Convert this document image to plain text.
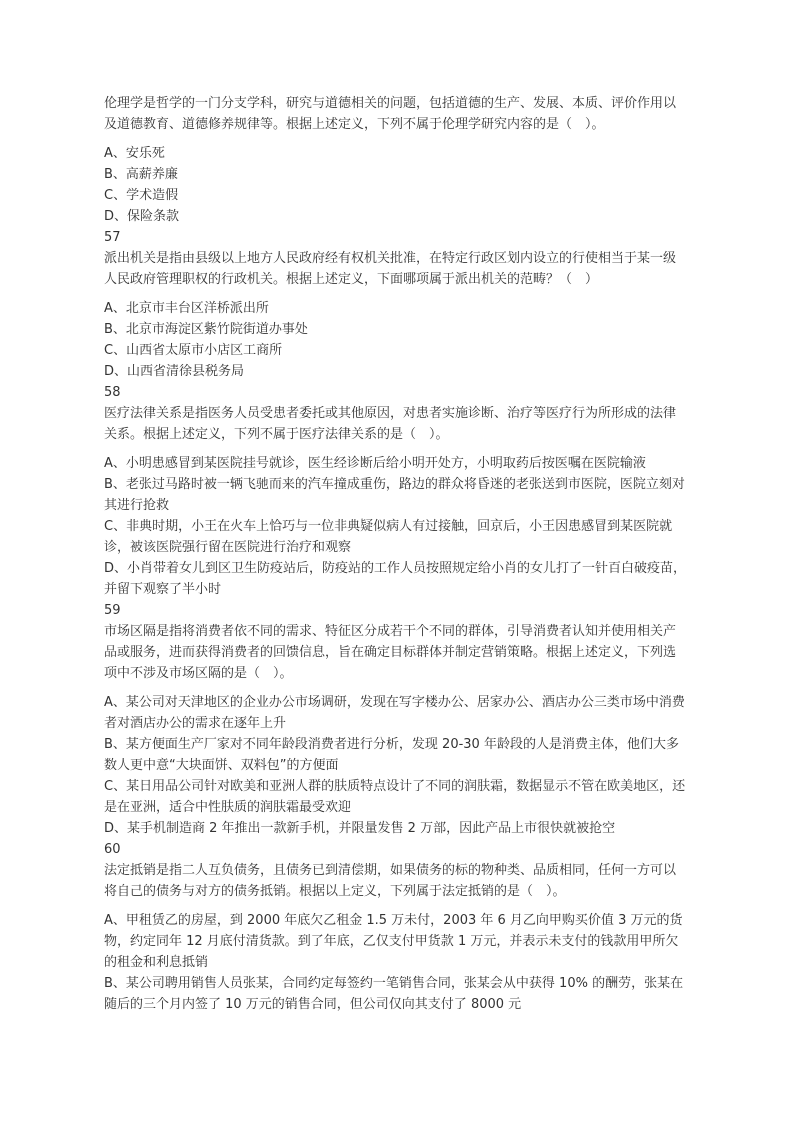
伦理学是哲学的一门分支学科，研究与道德相关的问题，包括道德的生产、发展、本质、评价作用以及道德教育、道德修养规律等。根据上述定义，下列不属于伦理学研究内容的是（　）。

A、安乐死

B、高薪养廉

C、学术造假

D、保险条款

57

派出机关是指由县级以上地方人民政府经有权机关批准，在特定行政区划内设立的行使相当于某一级人民政府管理职权的行政机关。根据上述定义，下面哪项属于派出机关的范畴？（　）

A、北京市丰台区洋桥派出所

B、北京市海淀区紫竹院街道办事处

C、山西省太原市小店区工商所

D、山西省清徐县税务局

58

医疗法律关系是指医务人员受患者委托或其他原因，对患者实施诊断、治疗等医疗行为所形成的法律关系。根据上述定义，下列不属于医疗法律关系的是（　）。

A、小明患感冒到某医院挂号就诊，医生经诊断后给小明开处方，小明取药后按医嘱在医院输液

B、老张过马路时被一辆飞驰而来的汽车撞成重伤，路边的群众将昏迷的老张送到市医院，医院立刻对其进行抢救

C、非典时期，小王在火车上恰巧与一位非典疑似病人有过接触，回京后，小王因患感冒到某医院就诊，被该医院强行留在医院进行治疗和观察

D、小肖带着女儿到区卫生防疫站后，防疫站的工作人员按照规定给小肖的女儿打了一针百白破疫苗，并留下观察了半小时

59

市场区隔是指将消费者依不同的需求、特征区分成若干个不同的群体，引导消费者认知并使用相关产品或服务，进而获得消费者的回馈信息，旨在确定目标群体并制定营销策略。根据上述定义，下列选项中不涉及市场区隔的是（　）。

A、某公司对天津地区的企业办公市场调研，发现在写字楼办公、居家办公、酒店办公三类市场中消费者对酒店办公的需求在逐年上升

B、某方便面生产厂家对不同年龄段消费者进行分析，发现 20-30 年龄段的人是消费主体，他们大多数人更中意“大块面饼、双料包”的方便面

C、某日用品公司针对欧美和亚洲人群的肤质特点设计了不同的润肤霜，数据显示不管在欧美地区，还是在亚洲，适合中性肤质的润肤霜最受欢迎

D、某手机制造商 2 年推出一款新手机，并限量发售 2 万部，因此产品上市很快就被抢空

60

法定抵销是指二人互负债务，且债务已到清偿期，如果债务的标的物种类、品质相同，任何一方可以将自己的债务与对方的债务抵销。根据以上定义，下列属于法定抵销的是（　）。

A、甲租赁乙的房屋，到 2000 年底欠乙租金 1.5 万未付，2003 年 6 月乙向甲购买价值 3 万元的货物，约定同年 12 月底付清货款。到了年底，乙仅支付甲货款 1 万元，并表示未支付的钱款用甲所欠的租金和利息抵销

B、某公司聘用销售人员张某，合同约定每签约一笔销售合同，张某会从中获得 10% 的酬劳，张某在随后的三个月内签了 10 万元的销售合同，但公司仅向其支付了 8000 元
